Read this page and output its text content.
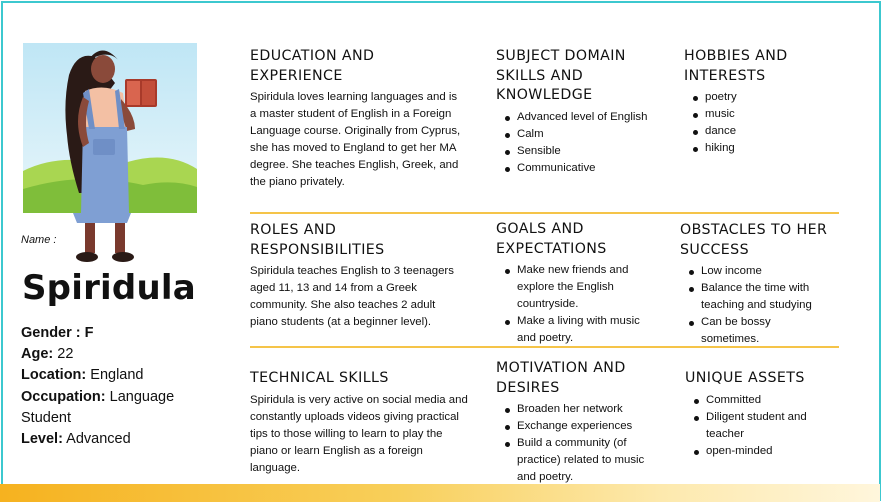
Name :
Spiridula
Gender : F
Age: 22
Location: England
Occupation: Language Student
Level: Advanced
EDUCATION AND EXPERIENCE

Spiridula loves learning languages and is a master student of English in a Foreign Language course. Originally from Cyprus, she has moved to England to get her MA degree. She teaches English, Greek, and the piano privately.

SUBJECT DOMAIN SKILLS AND KNOWLEDGE
Advanced level of English
Calm
Sensible
Communicative
HOBBIES AND INTERESTS
poetry
music
dance
hiking
ROLES AND RESPONSIBILITIES

Spiridula teaches English to 3 teenagers aged 11, 13 and 14 from a Greek community. She also teaches 2 adult piano students (at a beginner level).

GOALS AND EXPECTATIONS
Make new friends and explore the English countryside.
Make a living with music and poetry.
OBSTACLES TO HER SUCCESS
Low income
Balance the time with teaching and studying
Can be bossy sometimes.
TECHNICAL SKILLS

Spiridula is very active on social media and constantly uploads videos giving practical tips to those willing to learn to play the piano or learn English as a foreign language.

MOTIVATION AND DESIRES
Broaden her network
Exchange experiences
Build a community (of practice) related to music and poetry.
UNIQUE ASSETS
Committed
Diligent student and teacher
open-minded
